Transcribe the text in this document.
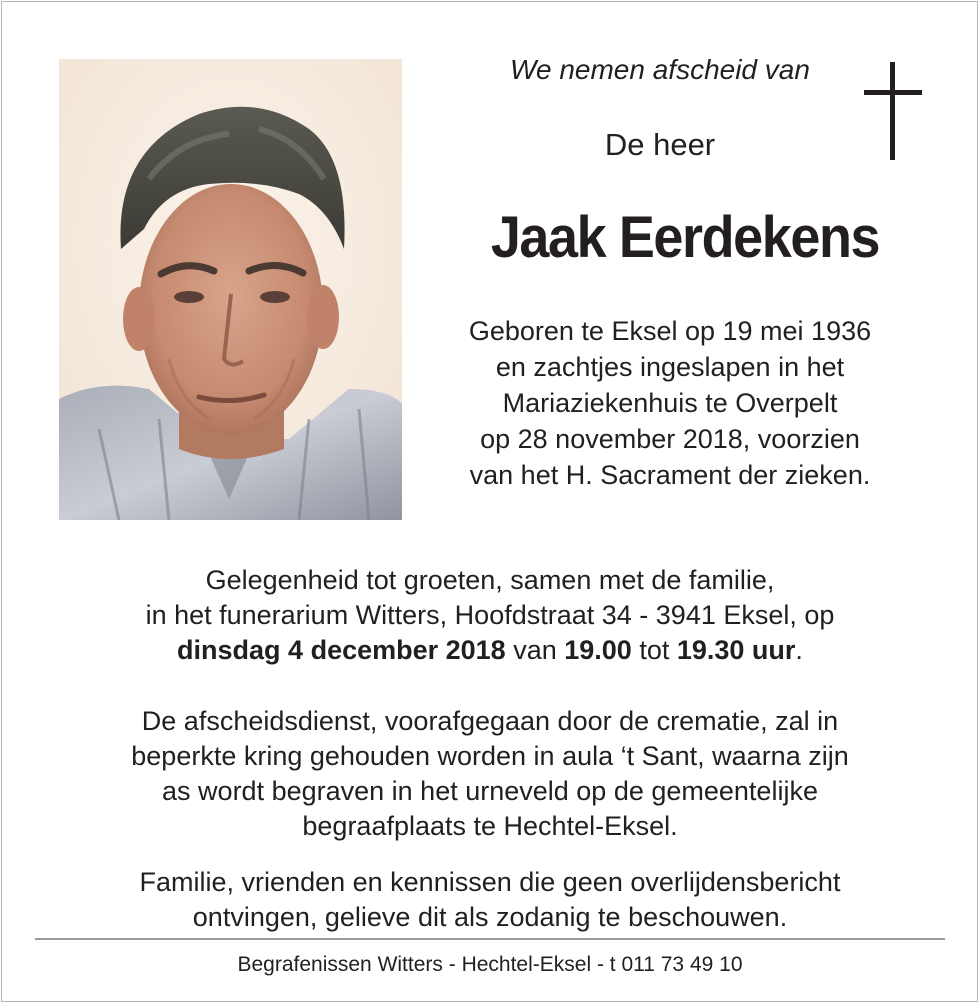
We nemen afscheid van
De heer
Jaak Eerdekens
Geboren te Eksel op 19 mei 1936
en zachtjes ingeslapen in het
Mariaziekenhuis te Overpelt
op 28 november 2018, voorzien
van het H. Sacrament der zieken.
Gelegenheid tot groeten, samen met de familie,
in het funerarium Witters, Hoofdstraat 34 - 3941 Eksel, op
dinsdag 4 december 2018 van 19.00 tot 19.30 uur.
De afscheidsdienst, voorafgegaan door de crematie, zal in
beperkte kring gehouden worden in aula ‘t Sant, waarna zijn
as wordt begraven in het urneveld op de gemeentelijke
begraafplaats te Hechtel-Eksel.
Familie, vrienden en kennissen die geen overlijdensbericht
ontvingen, gelieve dit als zodanig te beschouwen.
Begrafenissen Witters - Hechtel-Eksel - t 011 73 49 10
